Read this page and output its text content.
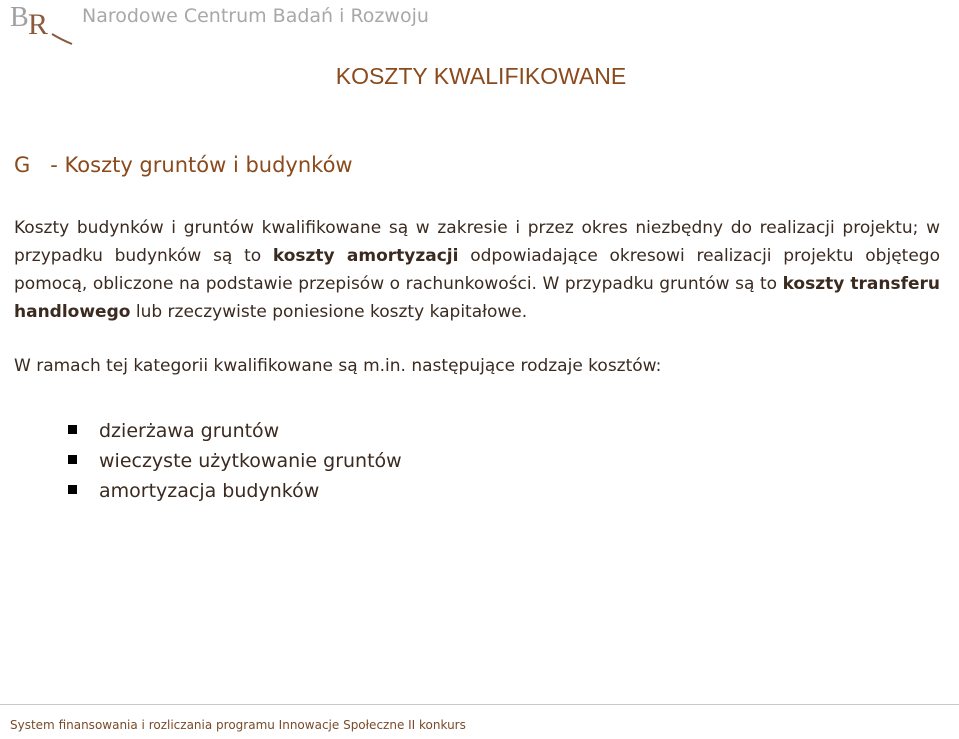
B R Narodowe Centrum Badań i Rozwoju
KOSZTY KWALIFIKOWANE
G   - Koszty gruntów i budynków
Koszty budynków i gruntów kwalifikowane są w zakresie i przez okres niezbędny do realizacji projektu; w przypadku budynków są to koszty amortyzacji odpowiadające okresowi realizacji projektu objętego pomocą, obliczone na podstawie przepisów o rachunkowości. W przypadku gruntów są to koszty transferu handlowego lub rzeczywiste poniesione koszty kapitałowe.
W ramach tej kategorii kwalifikowane są m.in. następujące rodzaje kosztów:
dzierżawa gruntów
wieczyste użytkowanie gruntów
amortyzacja budynków
System finansowania i rozliczania programu Innowacje Społeczne II konkurs
